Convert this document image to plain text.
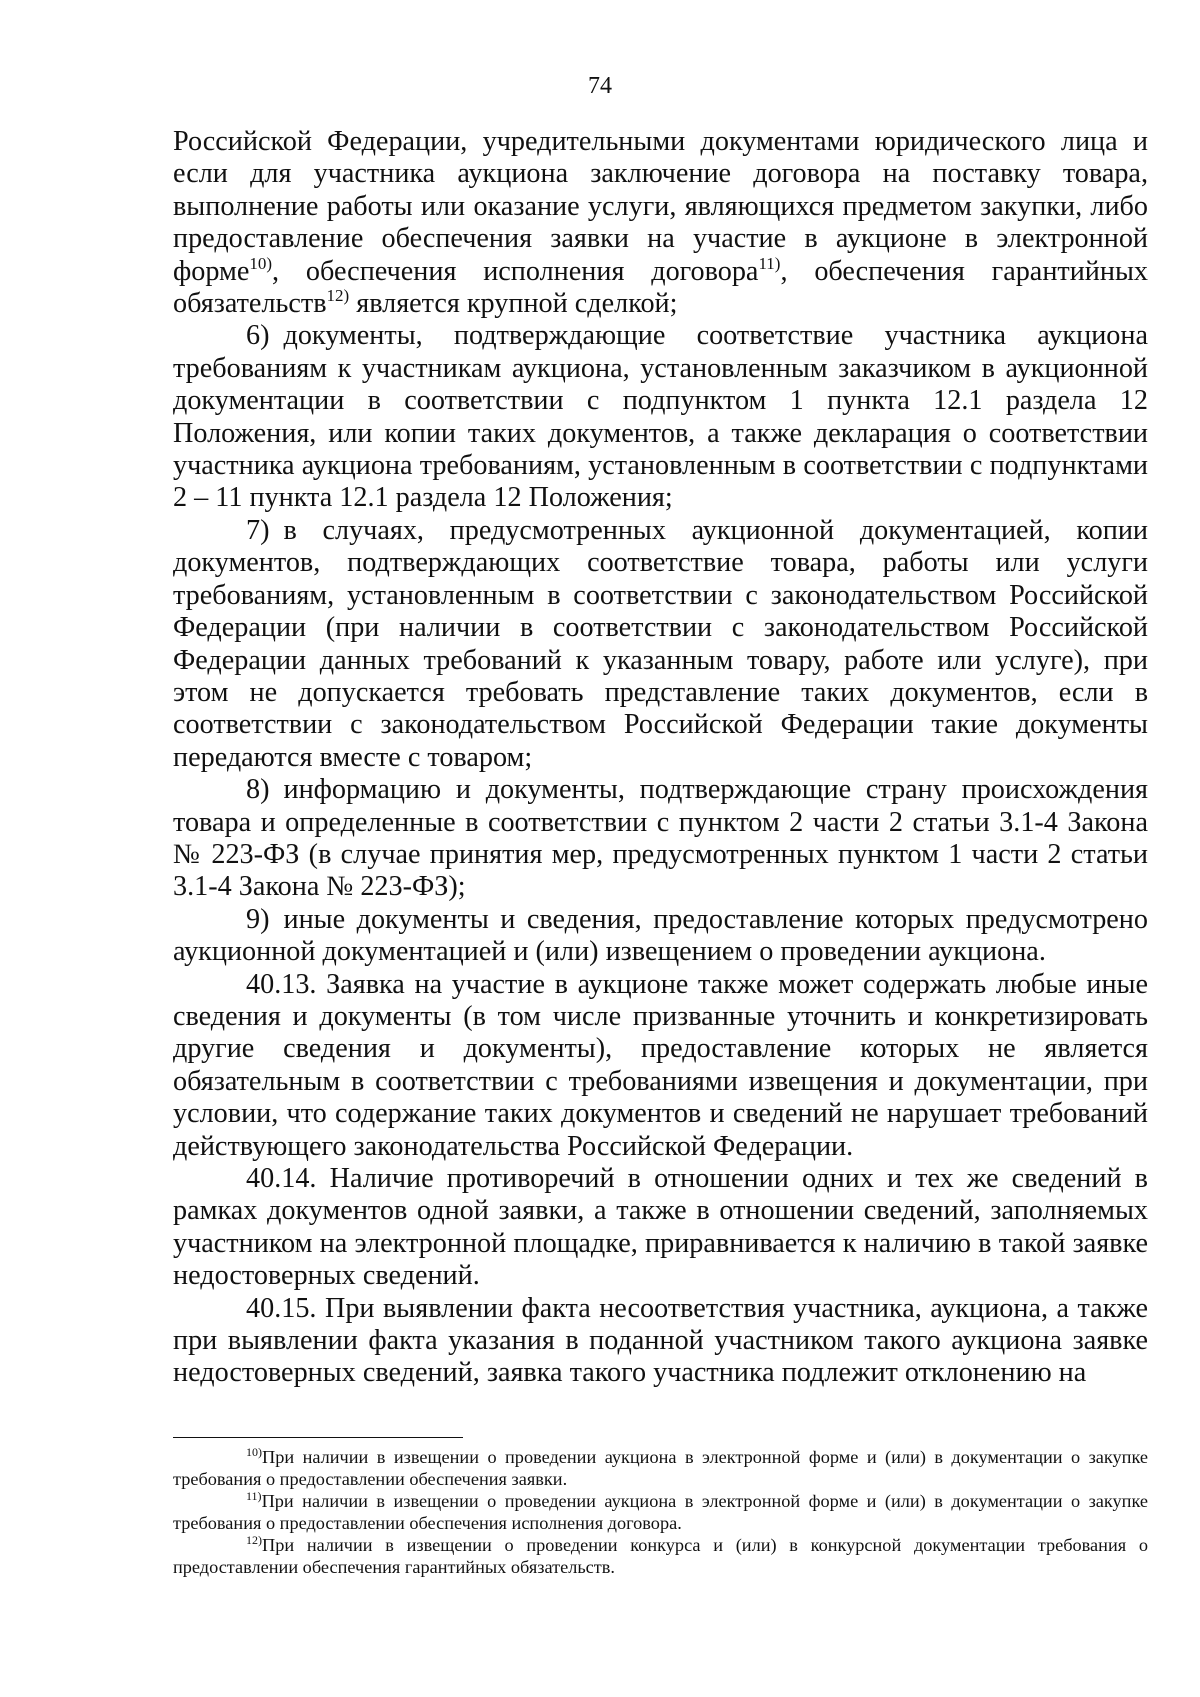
74

Российской Федерации, учредительными документами юридического лица и если для участника аукциона заключение договора на поставку товара, выполнение работы или оказание услуги, являющихся предметом закупки, либо предоставление обеспечения заявки на участие в аукционе в электронной форме$^{10)}$, обеспечения исполнения договора$^{11)}$, обеспечения гарантийных обязательств$^{12)}$ является крупной сделкой;

6) документы, подтверждающие соответствие участника аукциона требованиям к участникам аукциона, установленным заказчиком в аукционной документации в соответствии с подпунктом 1 пункта 12.1 раздела 12 Положения, или копии таких документов, а также декларация о соответствии участника аукциона требованиям, установленным в соответствии с подпунктами 2 – 11 пункта 12.1 раздела 12 Положения;

7) в случаях, предусмотренных аукционной документацией, копии документов, подтверждающих соответствие товара, работы или услуги требованиям, установленным в соответствии с законодательством Российской Федерации (при наличии в соответствии с законодательством Российской Федерации данных требований к указанным товару, работе или услуге), при этом не допускается требовать представление таких документов, если в соответствии с законодательством Российской Федерации такие документы передаются вместе с товаром;

8) информацию и документы, подтверждающие страну происхождения товара и определенные в соответствии с пунктом 2 части 2 статьи 3.1-4 Закона № 223-ФЗ (в случае принятия мер, предусмотренных пунктом 1 части 2 статьи 3.1-4 Закона № 223-ФЗ);

9) иные документы и сведения, предоставление которых предусмотрено аукционной документацией и (или) извещением о проведении аукциона.

40.13. Заявка на участие в аукционе также может содержать любые иные сведения и документы (в том числе призванные уточнить и конкретизировать другие сведения и документы), предоставление которых не является обязательным в соответствии с требованиями извещения и документации, при условии, что содержание таких документов и сведений не нарушает требований действующего законодательства Российской Федерации.

40.14. Наличие противоречий в отношении одних и тех же сведений в рамках документов одной заявки, а также в отношении сведений, заполняемых участником на электронной площадке, приравнивается к наличию в такой заявке недостоверных сведений.

40.15. При выявлении факта несоответствия участника, аукциона, а также при выявлении факта указания в поданной участником такого аукциона заявке недостоверных сведений, заявка такого участника подлежит отклонению на

$^{10)}$При наличии в извещении о проведении аукциона в электронной форме и (или) в документации о закупке требования о предоставлении обеспечения заявки.

$^{11)}$При наличии в извещении о проведении аукциона в электронной форме и (или) в документации о закупке требования о предоставлении обеспечения исполнения договора.

$^{12)}$При наличии в извещении о проведении конкурса и (или) в конкурсной документации требования о предоставлении обеспечения гарантийных обязательств.
